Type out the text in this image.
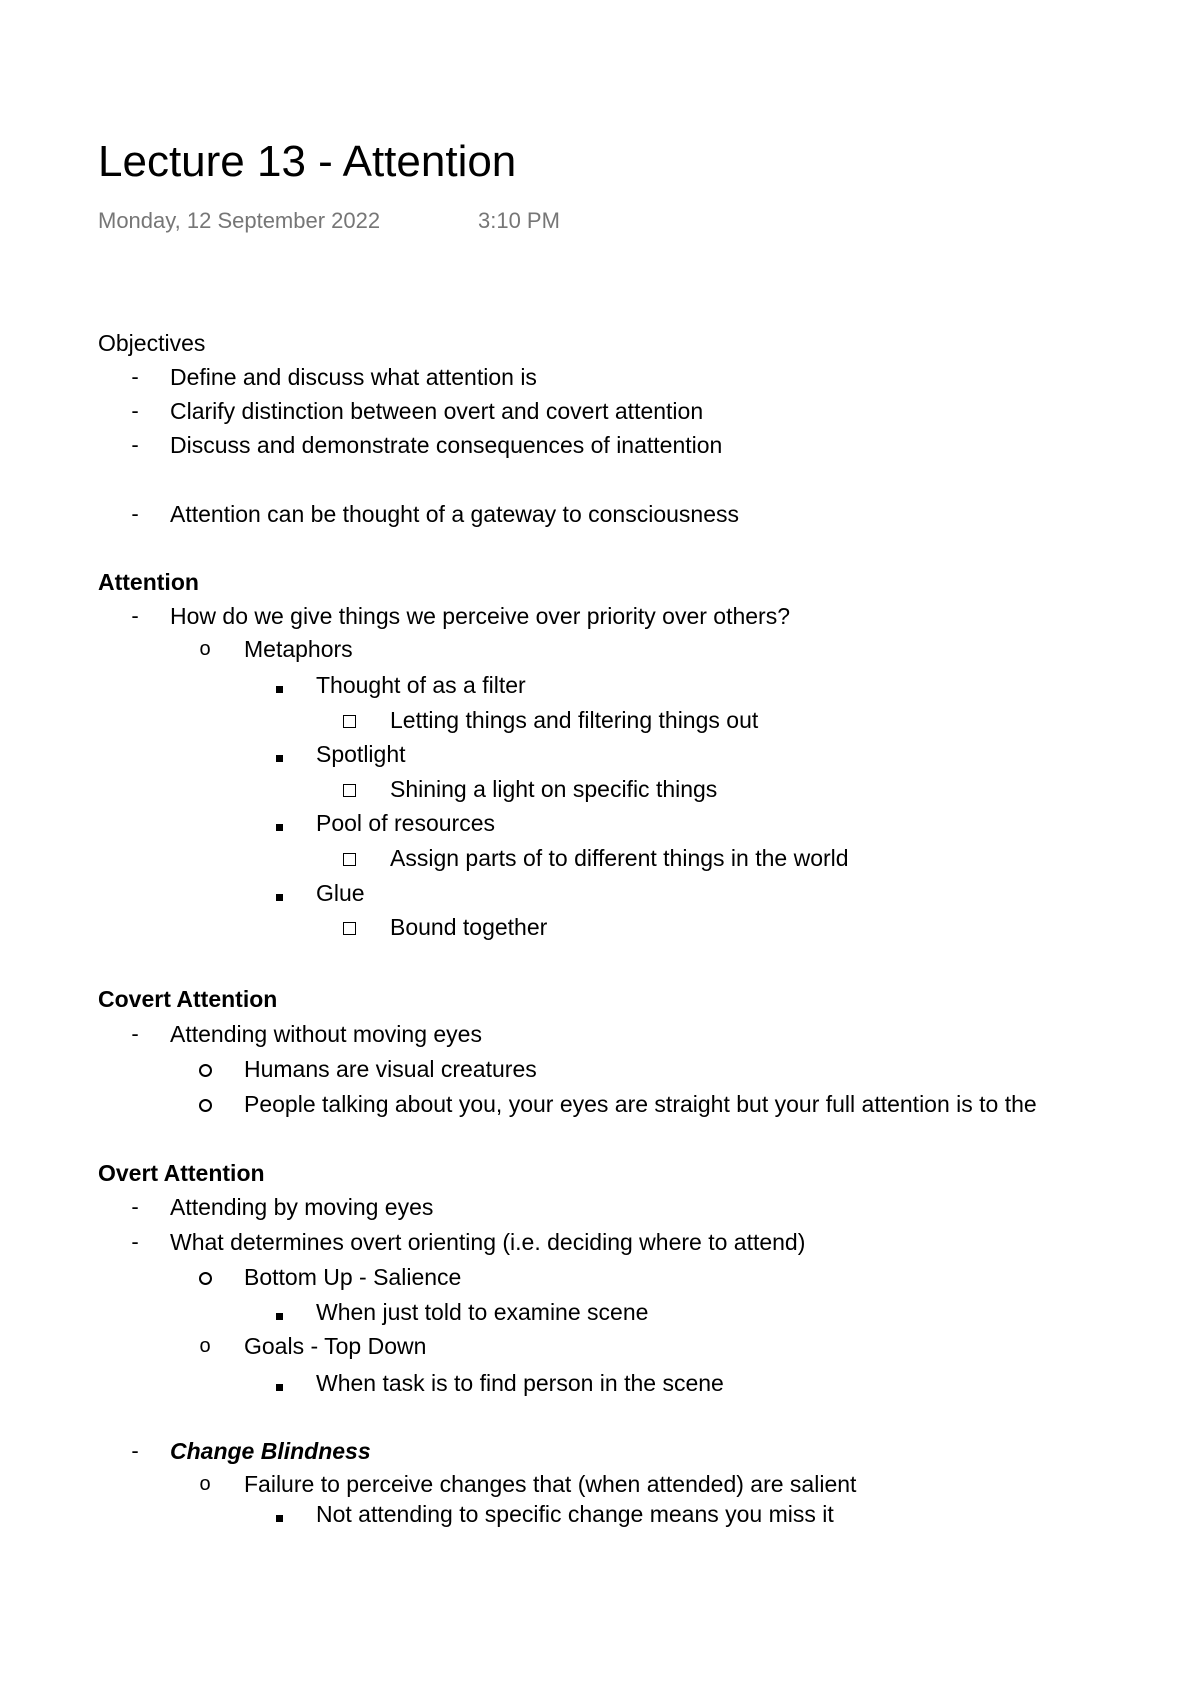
Lecture 13 - Attention
Monday, 12 September 2022	3:10 PM
Objectives
-	Define and discuss what attention is
-	Clarify distinction between overt and covert attention
-	Discuss and demonstrate consequences of inattention
-	Attention can be thought of a gateway to consciousness
Attention
-	How do we give things we perceive over priority over others?
o	Metaphors
Thought of as a filter
Letting things and filtering things out
Spotlight
Shining a light on specific things
Pool of resources
Assign parts of to different things in the world
Glue
Bound together
Covert Attention
-	Attending without moving eyes
Humans are visual creatures
People talking about you, your eyes are straight but your full attention is to the
Overt Attention
-	Attending by moving eyes
-	What determines overt orienting (i.e. deciding where to attend)
Bottom Up - Salience
When just told to examine scene
o	Goals - Top Down
When task is to find person in the scene
-	Change Blindness
o	Failure to perceive changes that (when attended) are salient
Not attending to specific change means you miss it
